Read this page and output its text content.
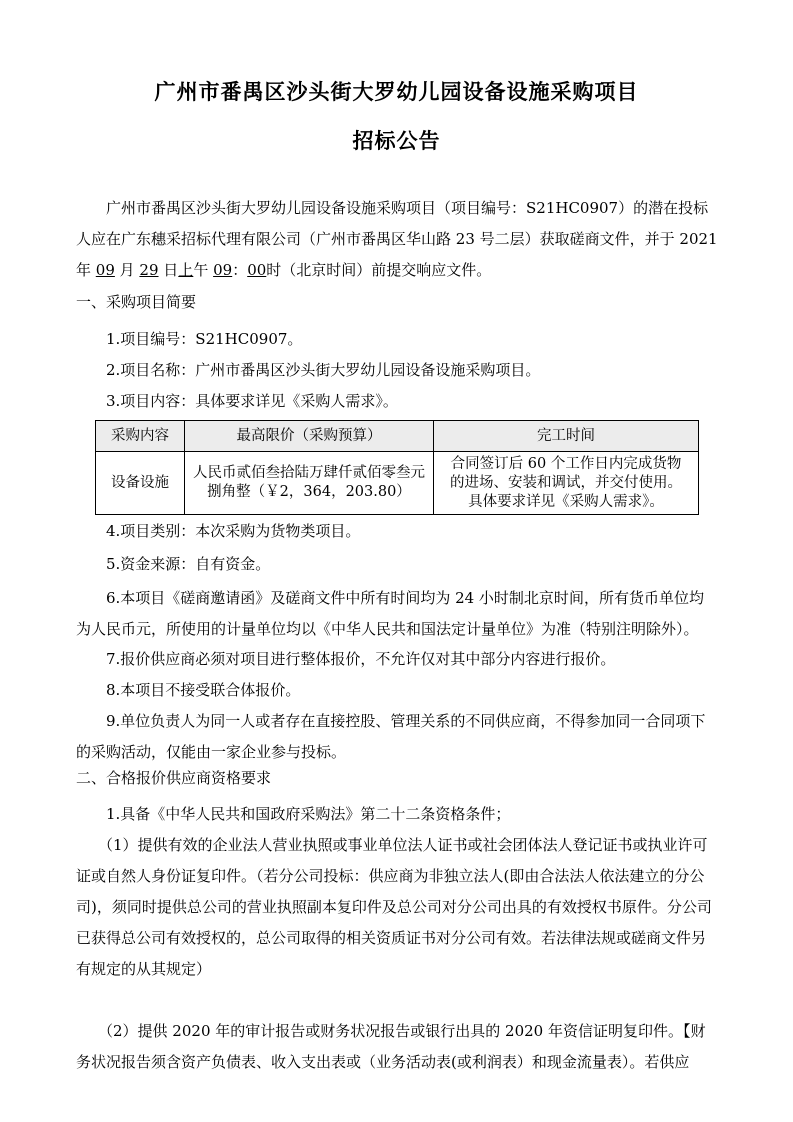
广州市番禺区沙头街大罗幼儿园设备设施采购项目
招标公告

广州市番禺区沙头街大罗幼儿园设备设施采购项目（项目编号：S21HC0907）的潜在投标人应在广东穗采招标代理有限公司（广州市番禺区华山路 23 号二层）获取磋商文件，并于 2021 年 09 月 29 日上午 09：00时（北京时间）前提交响应文件。

一、采购项目简要

1.项目编号：S21HC0907。

2.项目名称：广州市番禺区沙头街大罗幼儿园设备设施采购项目。

3.项目内容：具体要求详见《采购人需求》。

采购内容	最高限价（采购预算）	完工时间
设备设施	人民币贰佰叁拾陆万肆仟贰佰零叁元捌角整（￥2，364，203.80）	合同签订后 60 个工作日内完成货物
的进场、安装和调试，并交付使用。
具体要求详见《采购人需求》。

4.项目类别：本次采购为货物类项目。

5.资金来源：自有资金。

6.本项目《磋商邀请函》及磋商文件中所有时间均为 24 小时制北京时间，所有货币单位均为人民币元，所使用的计量单位均以《中华人民共和国法定计量单位》为准（特别注明除外）。

7.报价供应商必须对项目进行整体报价，不允许仅对其中部分内容进行报价。

8.本项目不接受联合体报价。

9.单位负责人为同一人或者存在直接控股、管理关系的不同供应商，不得参加同一合同项下的采购活动，仅能由一家企业参与投标。

二、合格报价供应商资格要求

1.具备《中华人民共和国政府采购法》第二十二条资格条件；

（1）提供有效的企业法人营业执照或事业单位法人证书或社会团体法人登记证书或执业许可证或自然人身份证复印件。（若分公司投标：供应商为非独立法人(即由合法法人依法建立的分公司)，须同时提供总公司的营业执照副本复印件及总公司对分公司出具的有效授权书原件。分公司已获得总公司有效授权的，总公司取得的相关资质证书对分公司有效。若法律法规或磋商文件另有规定的从其规定）

（2）提供 2020 年的审计报告或财务状况报告或银行出具的 2020 年资信证明复印件。【财务状况报告须含资产负债表、收入支出表或（业务活动表(或利润表）和现金流量表）。若供应
